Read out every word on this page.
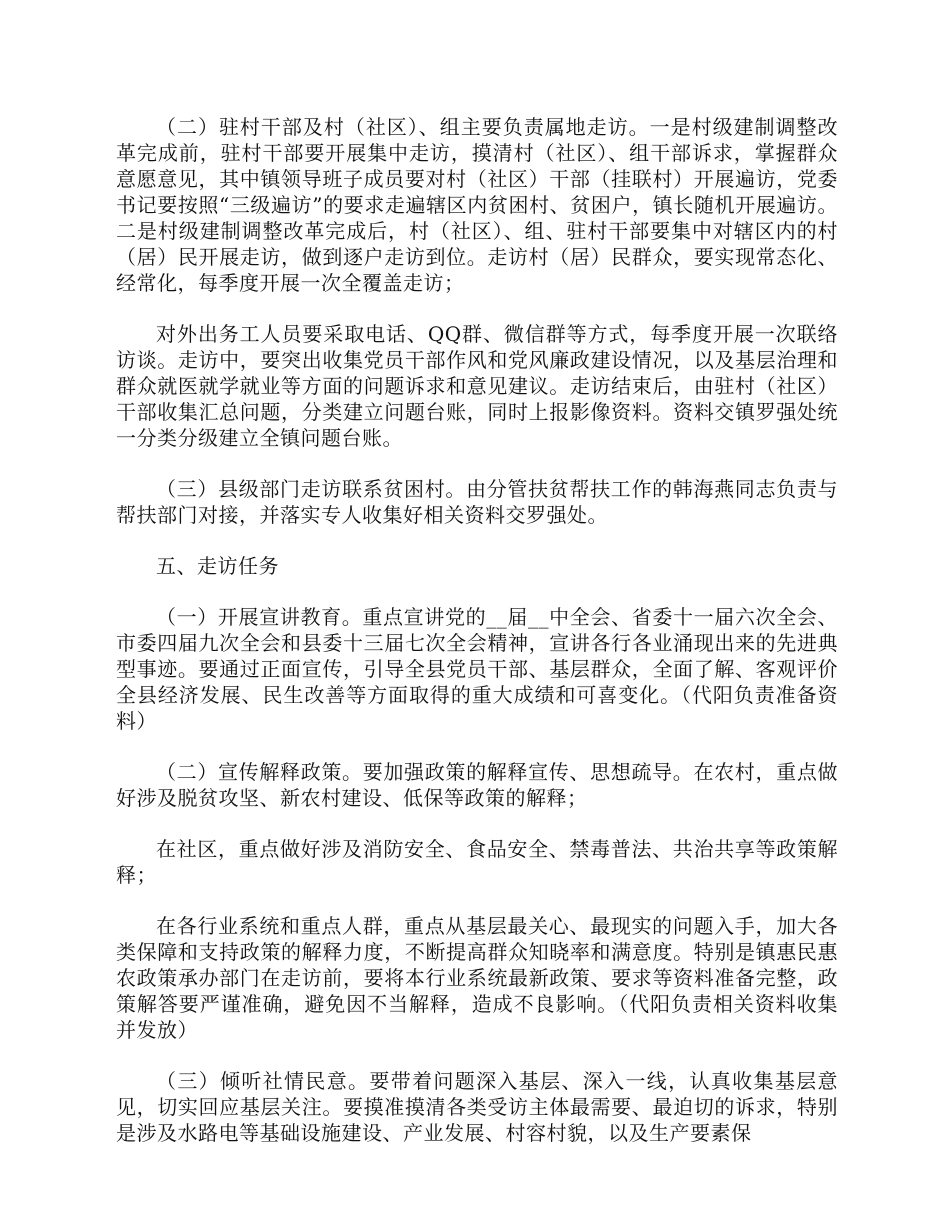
（二）驻村干部及村（社区）、组主要负责属地走访。一是村级建制调整改革完成前，驻村干部要开展集中走访，摸清村（社区）、组干部诉求，掌握群众意愿意见，其中镇领导班子成员要对村（社区）干部（挂联村）开展遍访，党委书记要按照“三级遍访”的要求走遍辖区内贫困村、贫困户，镇长随机开展遍访。二是村级建制调整改革完成后，村（社区）、组、驻村干部要集中对辖区内的村（居）民开展走访，做到逐户走访到位。走访村（居）民群众，要实现常态化、经常化，每季度开展一次全覆盖走访；

对外出务工人员要采取电话、QQ群、微信群等方式，每季度开展一次联络访谈。走访中，要突出收集党员干部作风和党风廉政建设情况，以及基层治理和群众就医就学就业等方面的问题诉求和意见建议。走访结束后，由驻村（社区）干部收集汇总问题，分类建立问题台账，同时上报影像资料。资料交镇罗强处统一分类分级建立全镇问题台账。

（三）县级部门走访联系贫困村。由分管扶贫帮扶工作的韩海燕同志负责与帮扶部门对接，并落实专人收集好相关资料交罗强处。

五、走访任务

（一）开展宣讲教育。重点宣讲党的__届__中全会、省委十一届六次全会、市委四届九次全会和县委十三届七次全会精神，宣讲各行各业涌现出来的先进典型事迹。要通过正面宣传，引导全县党员干部、基层群众，全面了解、客观评价全县经济发展、民生改善等方面取得的重大成绩和可喜变化。（代阳负责准备资料）

（二）宣传解释政策。要加强政策的解释宣传、思想疏导。在农村，重点做好涉及脱贫攻坚、新农村建设、低保等政策的解释；

在社区，重点做好涉及消防安全、食品安全、禁毒普法、共治共享等政策解释；

在各行业系统和重点人群，重点从基层最关心、最现实的问题入手，加大各类保障和支持政策的解释力度，不断提高群众知晓率和满意度。特别是镇惠民惠农政策承办部门在走访前，要将本行业系统最新政策、要求等资料准备完整，政策解答要严谨准确，避免因不当解释，造成不良影响。（代阳负责相关资料收集并发放）

（三）倾听社情民意。要带着问题深入基层、深入一线，认真收集基层意见，切实回应基层关注。要摸准摸清各类受访主体最需要、最迫切的诉求，特别是涉及水路电等基础设施建设、产业发展、村容村貌，以及生产要素保
